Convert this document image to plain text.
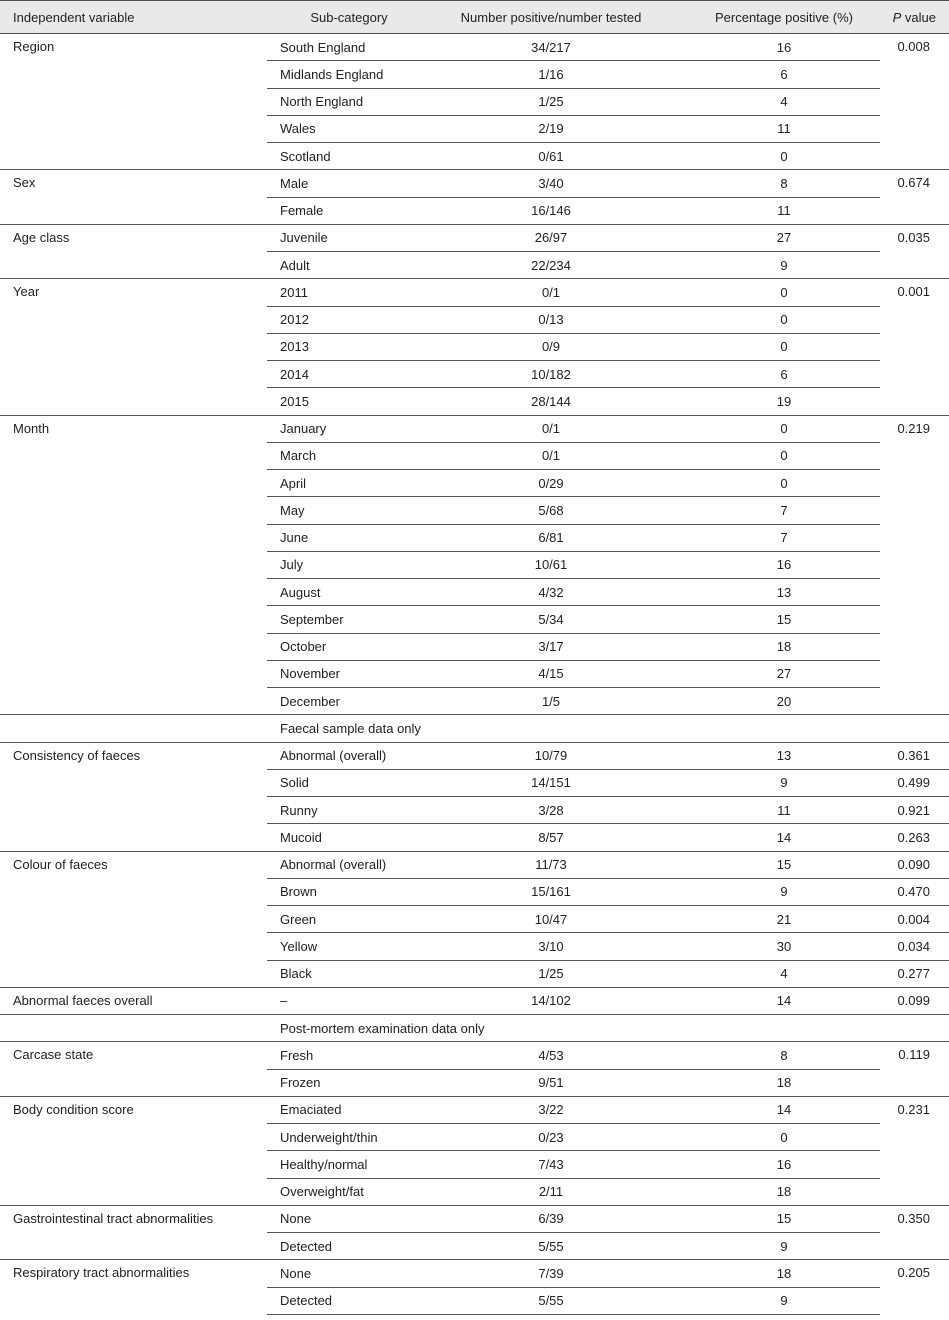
Independent variable	Sub-category	Number positive/number tested	Percentage positive (%)	P value
Region	South England	34/217	16	0.008
	Midlands England	1/16	6	
	North England	1/25	4	
	Wales	2/19	11	
	Scotland	0/61	0	
Sex	Male	3/40	8	0.674
	Female	16/146	11	
Age class	Juvenile	26/97	27	0.035
	Adult	22/234	9	
Year	2011	0/1	0	0.001
	2012	0/13	0	
	2013	0/9	0	
	2014	10/182	6	
	2015	28/144	19	
Month	January	0/1	0	0.219
	March	0/1	0	
	April	0/29	0	
	May	5/68	7	
	June	6/81	7	
	July	10/61	16	
	August	4/32	13	
	September	5/34	15	
	October	3/17	18	
	November	4/15	27	
	December	1/5	20	
	Faecal sample data only			
Consistency of faeces	Abnormal (overall)	10/79	13	0.361
	Solid	14/151	9	0.499
	Runny	3/28	11	0.921
	Mucoid	8/57	14	0.263
Colour of faeces	Abnormal (overall)	11/73	15	0.090
	Brown	15/161	9	0.470
	Green	10/47	21	0.004
	Yellow	3/10	30	0.034
	Black	1/25	4	0.277
Abnormal faeces overall	–	14/102	14	0.099
	Post-mortem examination data only			
Carcase state	Fresh	4/53	8	0.119
	Frozen	9/51	18	
Body condition score	Emaciated	3/22	14	0.231
	Underweight/thin	0/23	0	
	Healthy/normal	7/43	16	
	Overweight/fat	2/11	18	
Gastrointestinal tract abnormalities	None	6/39	15	0.350
	Detected	5/55	9	
Respiratory tract abnormalities	None	7/39	18	0.205
	Detected	5/55	9	
